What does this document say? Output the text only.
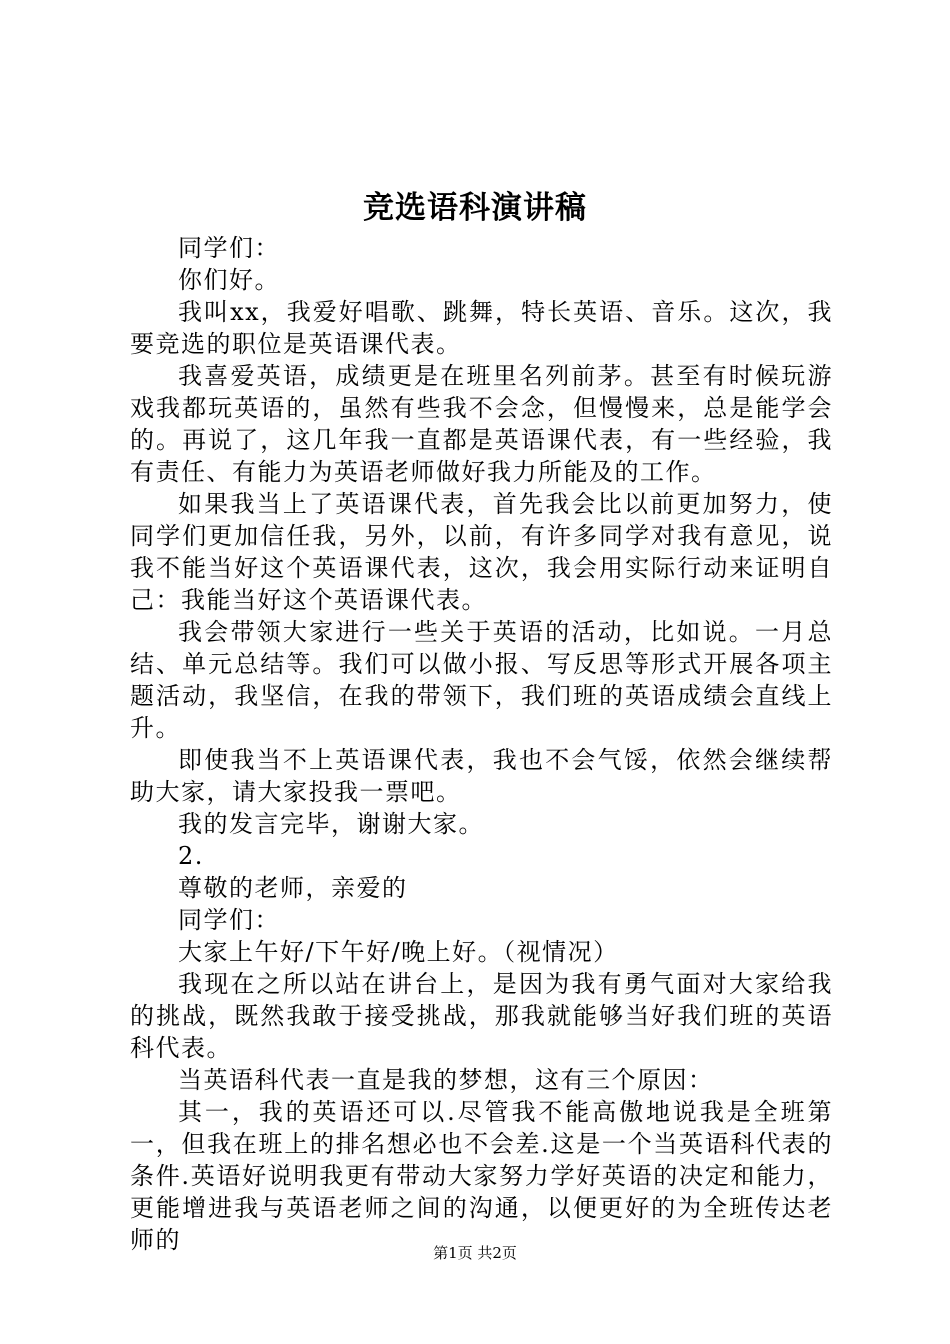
竞选语科演讲稿

同学们：

你们好。

我叫xx，我爱好唱歌、跳舞，特长英语、音乐。这次，我要竞选的职位是英语课代表。

我喜爱英语，成绩更是在班里名列前茅。甚至有时候玩游戏我都玩英语的，虽然有些我不会念，但慢慢来，总是能学会的。再说了，这几年我一直都是英语课代表，有一些经验，我有责任、有能力为英语老师做好我力所能及的工作。

如果我当上了英语课代表，首先我会比以前更加努力，使同学们更加信任我，另外，以前，有许多同学对我有意见，说我不能当好这个英语课代表，这次，我会用实际行动来证明自己：我能当好这个英语课代表。

我会带领大家进行一些关于英语的活动，比如说。一月总结、单元总结等。我们可以做小报、写反思等形式开展各项主题活动，我坚信，在我的带领下，我们班的英语成绩会直线上升。

即使我当不上英语课代表，我也不会气馁，依然会继续帮助大家，请大家投我一票吧。

我的发言完毕，谢谢大家。

2.

尊敬的老师，亲爱的

同学们：

大家上午好/下午好/晚上好。（视情况）

我现在之所以站在讲台上，是因为我有勇气面对大家给我的挑战，既然我敢于接受挑战，那我就能够当好我们班的英语科代表。

当英语科代表一直是我的梦想，这有三个原因：

其一，我的英语还可以.尽管我不能高傲地说我是全班第一，但我在班上的排名想必也不会差.这是一个当英语科代表的条件.英语好说明我更有带动大家努力学好英语的决定和能力，更能增进我与英语老师之间的沟通，以便更好的为全班传达老师的	第1页 共2页
